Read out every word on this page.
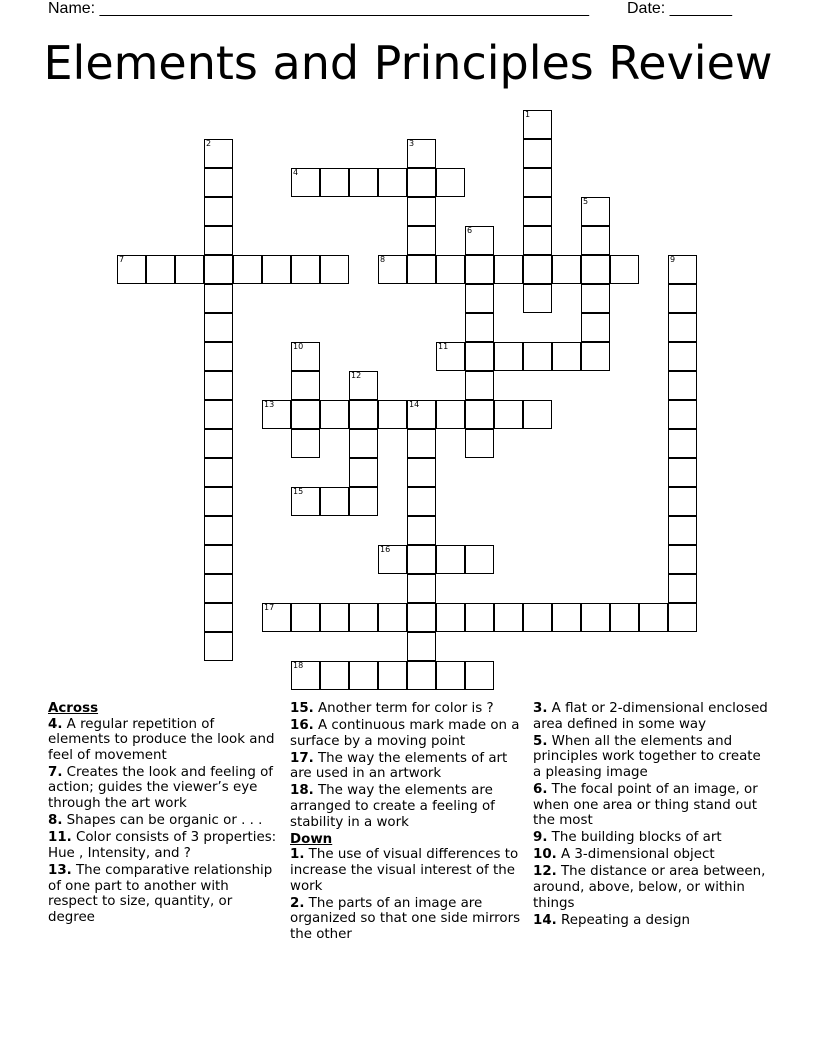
Name: _______________________________________________________ Date: _______
Elements and Principles Review
1
2	3
4
5
6
7	8	9
10	11
12
13	14
15
16
17
18
Across
4. A regular repetition of elements to produce the look and feel of movement
7. Creates the look and feeling of action; guides the viewer’s eye through the art work
8. Shapes can be organic or . . .
11. Color consists of 3 properties: Hue , Intensity, and ?
13. The comparative relationship of one part to another with respect to size, quantity, or degree
15. Another term for color is ?
16. A continuous mark made on a surface by a moving point
17. The way the elements of art are used in an artwork
18. The way the elements are arranged to create a feeling of stability in a work
Down
1. The use of visual differences to increase the visual interest of the work
2. The parts of an image are organized so that one side mirrors the other
3. A flat or 2-dimensional enclosed area defined in some way
5. When all the elements and principles work together to create a pleasing image
6. The focal point of an image, or when one area or thing stand out the most
9. The building blocks of art
10. A 3-dimensional object
12. The distance or area between, around, above, below, or within things
14. Repeating a design
